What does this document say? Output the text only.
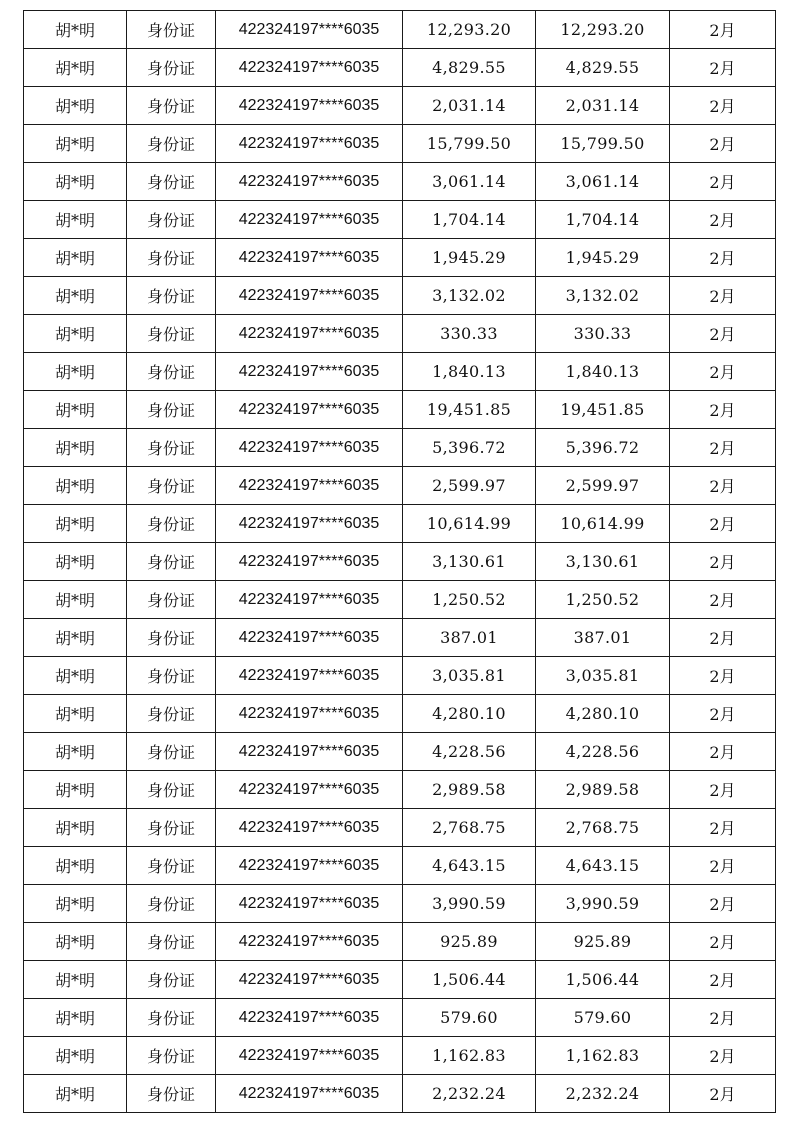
胡*明	身份证	422324197****6035	12,293.20	12,293.20	2月
胡*明	身份证	422324197****6035	4,829.55	4,829.55	2月
胡*明	身份证	422324197****6035	2,031.14	2,031.14	2月
胡*明	身份证	422324197****6035	15,799.50	15,799.50	2月
胡*明	身份证	422324197****6035	3,061.14	3,061.14	2月
胡*明	身份证	422324197****6035	1,704.14	1,704.14	2月
胡*明	身份证	422324197****6035	1,945.29	1,945.29	2月
胡*明	身份证	422324197****6035	3,132.02	3,132.02	2月
胡*明	身份证	422324197****6035	330.33	330.33	2月
胡*明	身份证	422324197****6035	1,840.13	1,840.13	2月
胡*明	身份证	422324197****6035	19,451.85	19,451.85	2月
胡*明	身份证	422324197****6035	5,396.72	5,396.72	2月
胡*明	身份证	422324197****6035	2,599.97	2,599.97	2月
胡*明	身份证	422324197****6035	10,614.99	10,614.99	2月
胡*明	身份证	422324197****6035	3,130.61	3,130.61	2月
胡*明	身份证	422324197****6035	1,250.52	1,250.52	2月
胡*明	身份证	422324197****6035	387.01	387.01	2月
胡*明	身份证	422324197****6035	3,035.81	3,035.81	2月
胡*明	身份证	422324197****6035	4,280.10	4,280.10	2月
胡*明	身份证	422324197****6035	4,228.56	4,228.56	2月
胡*明	身份证	422324197****6035	2,989.58	2,989.58	2月
胡*明	身份证	422324197****6035	2,768.75	2,768.75	2月
胡*明	身份证	422324197****6035	4,643.15	4,643.15	2月
胡*明	身份证	422324197****6035	3,990.59	3,990.59	2月
胡*明	身份证	422324197****6035	925.89	925.89	2月
胡*明	身份证	422324197****6035	1,506.44	1,506.44	2月
胡*明	身份证	422324197****6035	579.60	579.60	2月
胡*明	身份证	422324197****6035	1,162.83	1,162.83	2月
胡*明	身份证	422324197****6035	2,232.24	2,232.24	2月
